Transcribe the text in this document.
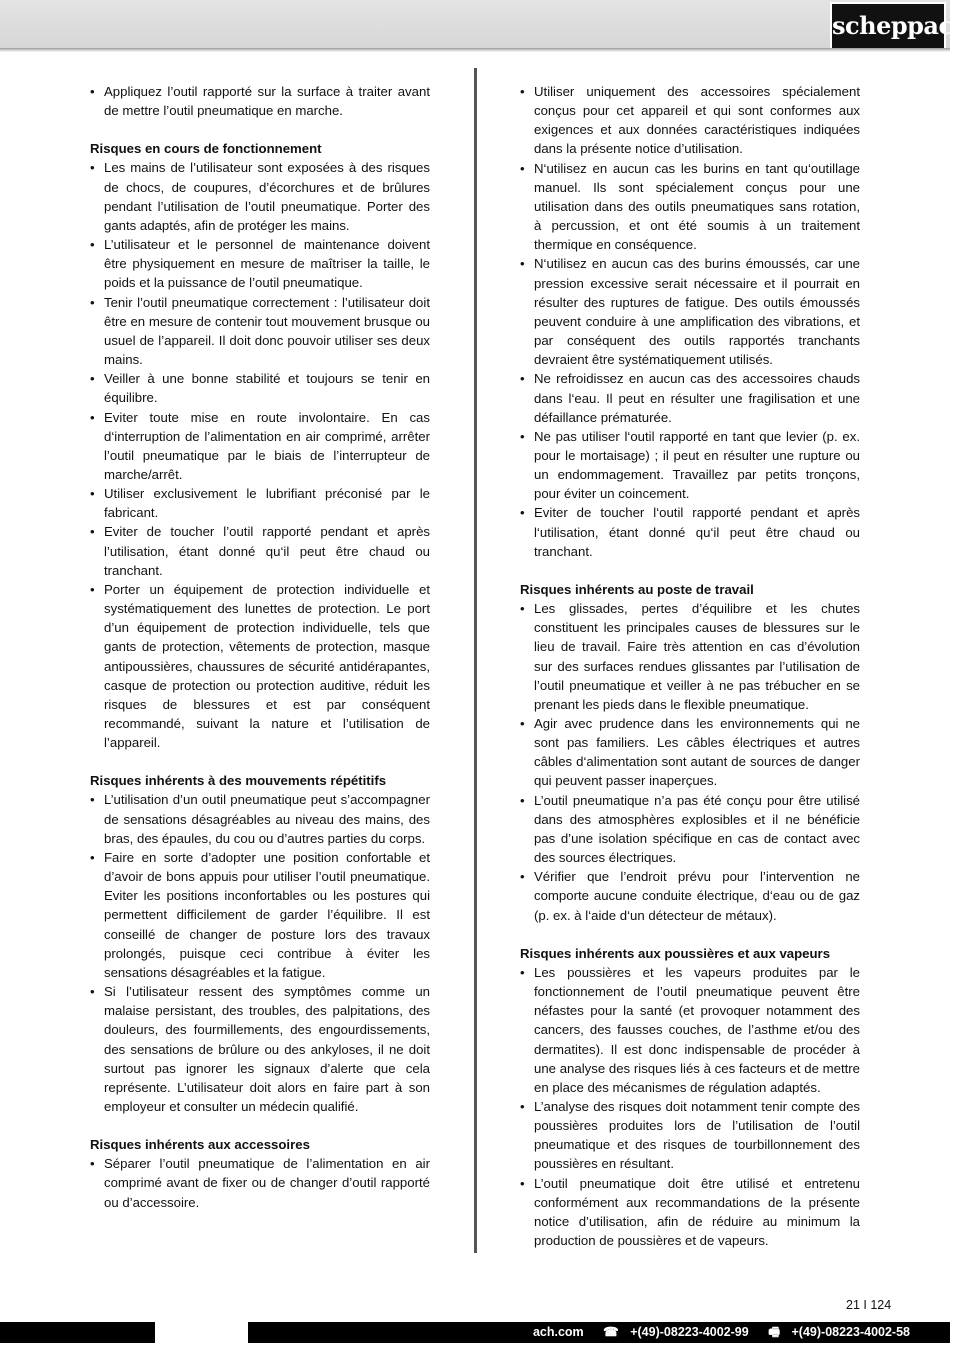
scheppach
• Appliquez l’outil rapporté sur la surface à traiter avant de mettre l’outil pneumatique en marche.
Risques en cours de fonctionnement
• Les mains de l’utilisateur sont exposées à des risques de chocs, de coupures, d’écorchures et de brûlures pendant l’utilisation de l’outil pneumatique. Porter des gants adaptés, afin de protéger les mains.
• L’utilisateur et le personnel de maintenance doivent être physiquement en mesure de maîtriser la taille, le poids et la puissance de l’outil pneumatique.
• Tenir l’outil pneumatique correctement : l’utilisateur doit être en mesure de contenir tout mouvement brusque ou usuel de l’appareil. Il doit donc pouvoir utiliser ses deux mains.
• Veiller à une bonne stabilité et toujours se tenir en équilibre.
• Eviter toute mise en route involontaire. En cas d‘interruption de l’alimentation en air comprimé, arrêter l’outil pneumatique par le biais de l’interrupteur de marche/arrêt.
• Utiliser exclusivement le lubrifiant préconisé par le fabricant.
• Eviter de toucher l’outil rapporté pendant et après l’utilisation, étant donné qu‘il peut être chaud ou tranchant.
• Porter un équipement de protection individuelle et systématiquement des lunettes de protection. Le port d’un équipement de protection individuelle, tels que gants de protection, vêtements de protection, masque antipoussières, chaussures de sécurité antidérapantes, casque de protection ou protection auditive, réduit les risques de blessures et est par conséquent recommandé, suivant la nature et l’utilisation de l’appareil.
Risques inhérents à des mouvements répétitifs
• L’utilisation d’un outil pneumatique peut s’accompagner de sensations désagréables au niveau des mains, des bras, des épaules, du cou ou d’autres parties du corps.
• Faire en sorte d’adopter une position confortable et d’avoir de bons appuis pour utiliser l’outil pneumatique. Eviter les positions inconfortables ou les postures qui permettent difficilement de garder l’équilibre. Il est conseillé de changer de posture lors des travaux prolongés, puisque ceci contribue à éviter les sensations désagréables et la fatigue.
• Si l’utilisateur ressent des symptômes comme un malaise persistant, des troubles, des palpitations, des douleurs, des fourmillements, des engourdissements, des sensations de brûlure ou des ankyloses, il ne doit surtout pas ignorer les signaux d’alerte que cela représente. L’utilisateur doit alors en faire part à son employeur et consulter un médecin qualifié.
Risques inhérents aux accessoires
• Séparer l’outil pneumatique de l’alimentation en air comprimé avant de fixer ou de changer d’outil rapporté ou d’accessoire.
• Utiliser uniquement des accessoires spécialement conçus pour cet appareil et qui sont conformes aux exigences et aux données caractéristiques indiquées dans la présente notice d’utilisation.
• N‘utilisez en aucun cas les burins en tant qu‘outillage manuel. Ils sont spécialement conçus pour une utilisation dans des outils pneumatiques sans rotation, à percussion, et ont été soumis à un traitement thermique en conséquence.
• N‘utilisez en aucun cas des burins émoussés, car une pression excessive serait nécessaire et il pourrait en résulter des ruptures de fatigue. Des outils émoussés peuvent conduire à une amplification des vibrations, et par conséquent des outils rapportés tranchants devraient être systématiquement utilisés.
• Ne refroidissez en aucun cas des accessoires chauds dans l‘eau. Il peut en résulter une fragilisation et une défaillance prématurée.
• Ne pas utiliser l‘outil rapporté en tant que levier (p. ex. pour le mortaisage) ; il peut en résulter une rupture ou un endommagement. Travaillez par petits tronçons, pour éviter un coincement.
• Eviter de toucher l‘outil rapporté pendant et après l‘utilisation, étant donné qu‘il peut être chaud ou tranchant.
Risques inhérents au poste de travail
• Les glissades, pertes d’équilibre et les chutes constituent les principales causes de blessures sur le lieu de travail. Faire très attention en cas d’évolution sur des surfaces rendues glissantes par l’utilisation de l’outil pneumatique et veiller à ne pas trébucher en se prenant les pieds dans le flexible pneumatique.
• Agir avec prudence dans les environnements qui ne sont pas familiers. Les câbles électriques et autres câbles d‘alimentation sont autant de sources de danger qui peuvent passer inaperçues.
• L’outil pneumatique n’a pas été conçu pour être utilisé dans des atmosphères explosibles et il ne bénéficie pas d’une isolation spécifique en cas de contact avec des sources électriques.
• Vérifier que l’endroit prévu pour l’intervention ne comporte aucune conduite électrique, d‘eau ou de gaz (p. ex. à l‘aide d‘un détecteur de métaux).
Risques inhérents aux poussières et aux vapeurs
• Les poussières et les vapeurs produites par le fonctionnement de l’outil pneumatique peuvent être néfastes pour la santé (et provoquer notamment des cancers, des fausses couches, de l’asthme et/ou des dermatites). Il est donc indispensable de procéder à une analyse des risques liés à ces facteurs et de mettre en place des mécanismes de régulation adaptés.
• L’analyse des risques doit notamment tenir compte des poussières produites lors de l’utilisation de l’outil pneumatique et des risques de tourbillonnement des poussières en résultant.
• L’outil pneumatique doit être utilisé et entretenu conformément aux recommandations de la présente notice d’utilisation, afin de réduire au minimum la production de poussières et de vapeurs.
21 I 124
ach.com ☎ +(49)-08223-4002-99 🖷 +(49)-08223-4002-58
